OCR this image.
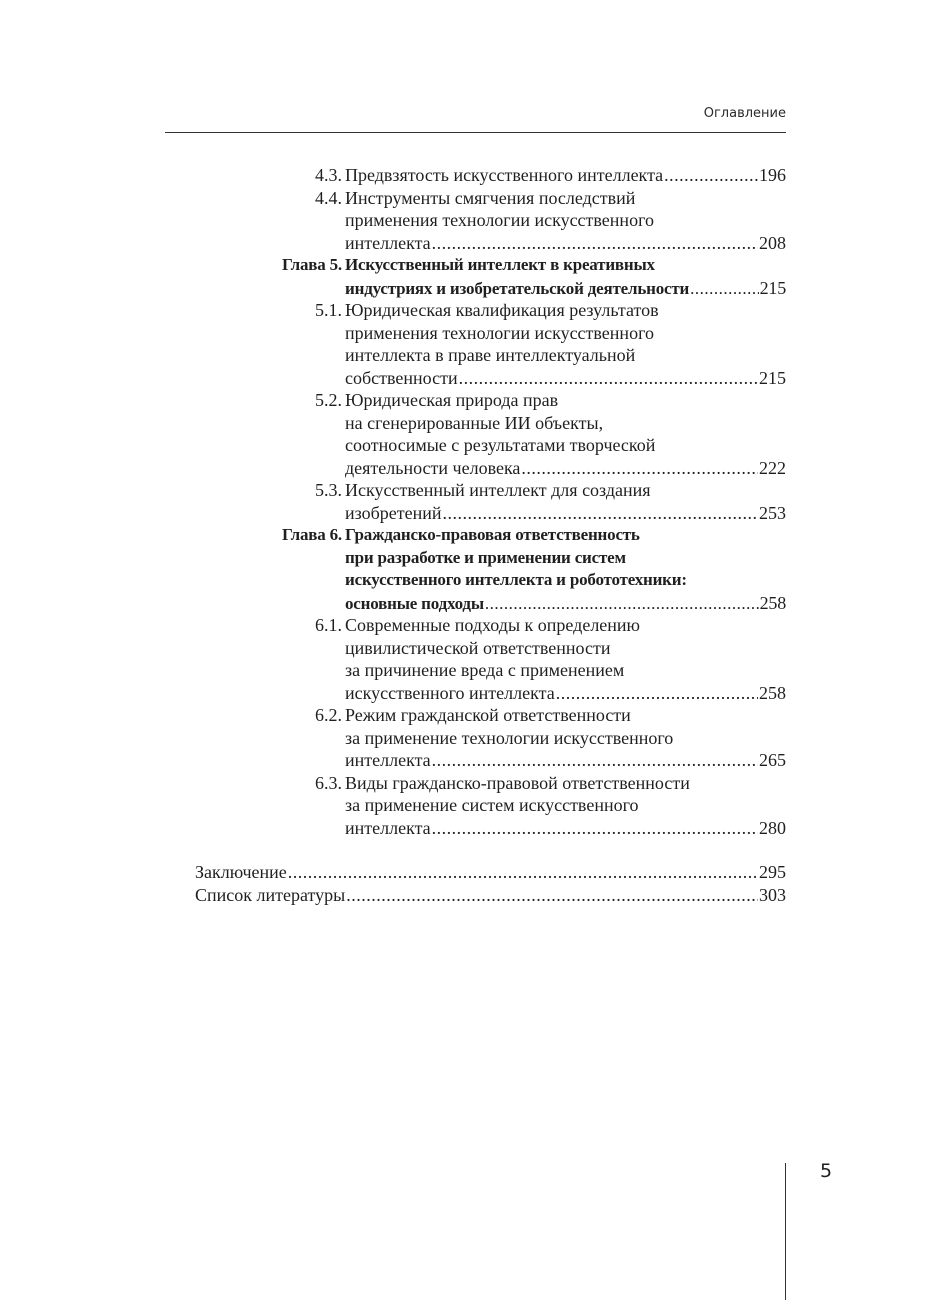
Оглавление
4.3. Предвзятость искусственного интеллекта .....	196
4.4. Инструменты смягчения последствий
применения технологии искусственного
интеллекта .....	208
Глава 5. Искусственный интеллект в креативных
индустриях и изобретательской деятельности .....	215
5.1. Юридическая квалификация результатов
применения технологии искусственного
интеллекта в праве интеллектуальной
собственности .....	215
5.2. Юридическая природа прав
на сгенерированные ИИ объекты,
соотносимые с результатами творческой
деятельности человека .....	222
5.3. Искусственный интеллект для создания
изобретений .....	253
Глава 6. Гражданско-правовая ответственность
при разработке и применении систем
искусственного интеллекта и робототехники:
основные подходы .....	258
6.1. Современные подходы к определению
цивилистической ответственности
за причинение вреда с применением
искусственного интеллекта .....	258
6.2. Режим гражданской ответственности
за применение технологии искусственного
интеллекта .....	265
6.3. Виды гражданско-правовой ответственности
за применение систем искусственного
интеллекта .....	280
Заключение .....	295
Список литературы .....	303
5
